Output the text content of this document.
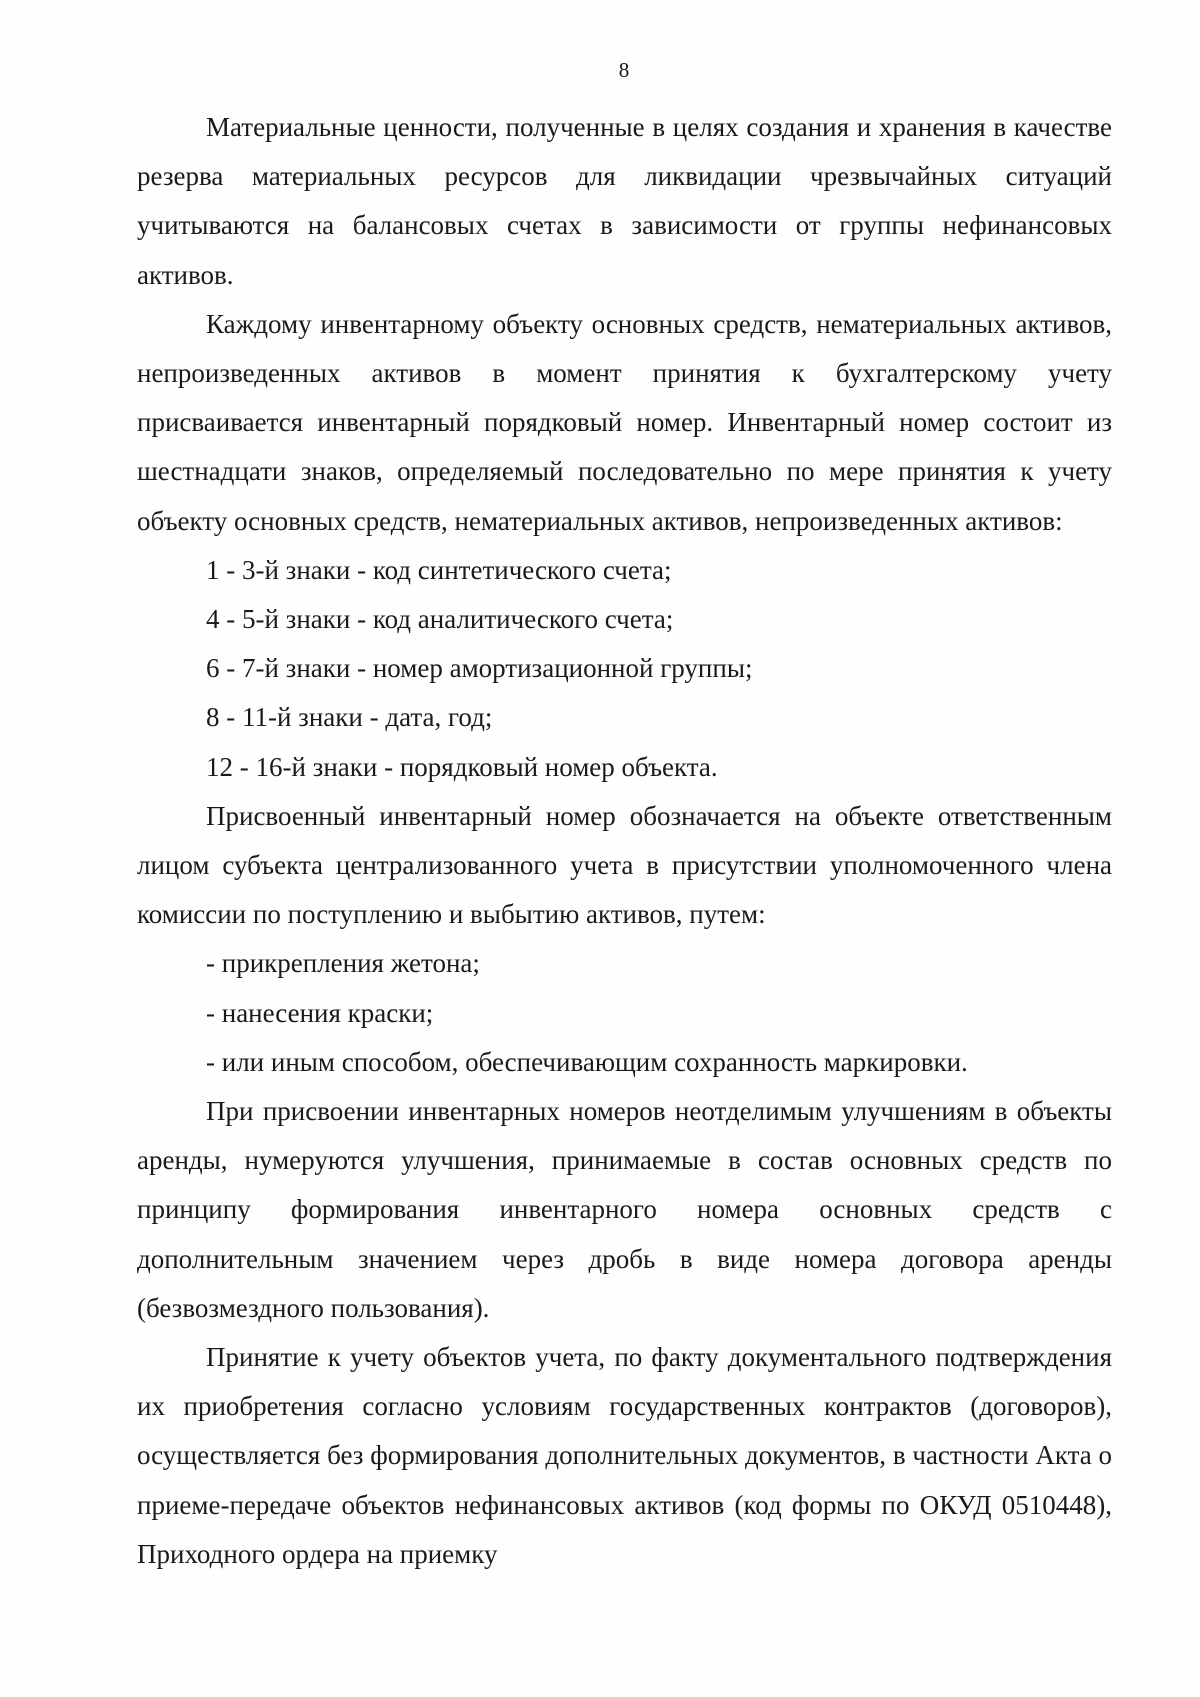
8

Материальные ценности, полученные в целях создания и хранения в качестве резерва материальных ресурсов для ликвидации чрезвычайных ситуаций учитываются на балансовых счетах в зависимости от группы нефинансовых активов.

Каждому инвентарному объекту основных средств, нематериальных активов, непроизведенных активов в момент принятия к бухгалтерскому учету присваивается инвентарный порядковый номер. Инвентарный номер состоит из шестнадцати знаков, определяемый последовательно по мере принятия к учету объекту основных средств, нематериальных активов, непроизведенных активов:

1 - 3-й знаки - код синтетического счета;

4 - 5-й знаки - код аналитического счета;

6 - 7-й знаки - номер амортизационной группы;

8 - 11-й знаки - дата, год;

12 - 16-й знаки - порядковый номер объекта.

Присвоенный инвентарный номер обозначается на объекте ответственным лицом субъекта централизованного учета в присутствии уполномоченного члена комиссии по поступлению и выбытию активов, путем:

- прикрепления жетона;

- нанесения краски;

- или иным способом, обеспечивающим сохранность маркировки.

При присвоении инвентарных номеров неотделимым улучшениям в объекты аренды, нумеруются улучшения, принимаемые в состав основных средств по принципу формирования инвентарного номера основных средств с дополнительным значением через дробь в виде номера договора аренды (безвозмездного пользования).

Принятие к учету объектов учета, по факту документального подтверждения их приобретения согласно условиям государственных контрактов (договоров), осуществляется без формирования дополнительных документов, в частности Акта о приеме-передаче объектов нефинансовых активов (код формы по ОКУД 0510448), Приходного ордера на приемку
